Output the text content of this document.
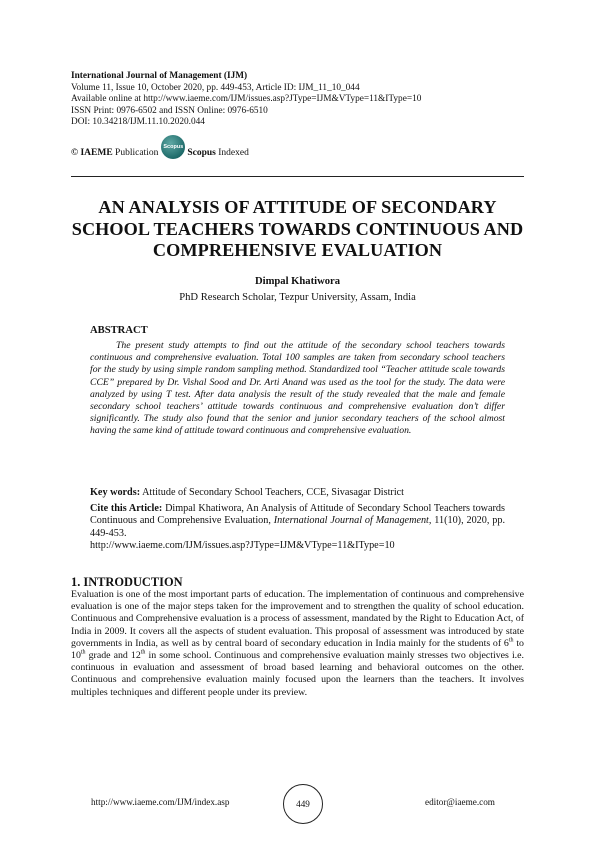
International Journal of Management (IJM)
Volume 11, Issue 10, October 2020, pp. 449-453, Article ID: IJM_11_10_044
Available online at http://www.iaeme.com/IJM/issues.asp?JType=IJM&VType=11&IType=10
ISSN Print: 0976-6502 and ISSN Online: 0976-6510
DOI: 10.34218/IJM.11.10.2020.044
© IAEME
Publication
Scopus
Scopus
Indexed
AN ANALYSIS OF ATTITUDE OF SECONDARY SCHOOL TEACHERS TOWARDS CONTINUOUS AND COMPREHENSIVE EVALUATION
Dimpal Khatiwora
PhD Research Scholar, Tezpur University, Assam, India
ABSTRACT
The present study attempts to find out the attitude of the secondary school teachers towards continuous and comprehensive evaluation. Total 100 samples are taken from secondary school teachers for the study by using simple random sampling method. Standardized tool “Teacher attitude scale towards CCE” prepared by Dr. Vishal Sood and Dr. Arti Anand was used as the tool for the study. The data were analyzed by using T test. After data analysis the result of the study revealed that the male and female secondary school teachers’ attitude towards continuous and comprehensive evaluation don’t differ significantly. The study also found that the senior and junior secondary teachers of the school almost having the same kind of attitude toward continuous and comprehensive evaluation.
Key words: Attitude of Secondary School Teachers, CCE, Sivasagar District
Cite this Article: Dimpal Khatiwora, An Analysis of Attitude of Secondary School Teachers towards Continuous and Comprehensive Evaluation, International Journal of Management, 11(10), 2020, pp. 449-453.
http://www.iaeme.com/IJM/issues.asp?JType=IJM&VType=11&IType=10
1. INTRODUCTION
Evaluation is one of the most important parts of education. The implementation of continuous and comprehensive evaluation is one of the major steps taken for the improvement and to strengthen the quality of school education. Continuous and Comprehensive evaluation is a process of assessment, mandated by the Right to Education Act, of India in 2009. It covers all the aspects of student evaluation. This proposal of assessment was introduced by state governments in India, as well as by central board of secondary education in India mainly for the students of 6th to 10th grade and 12th in some school. Continuous and comprehensive evaluation mainly stresses two objectives i.e. continuous in evaluation and assessment of broad based learning and behavioral outcomes on the other. Continuous and comprehensive evaluation mainly focused upon the learners than the teachers. It involves multiples techniques and different people under its preview.
http://www.iaeme.com/IJM/index.asp	449	editor@iaeme.com
